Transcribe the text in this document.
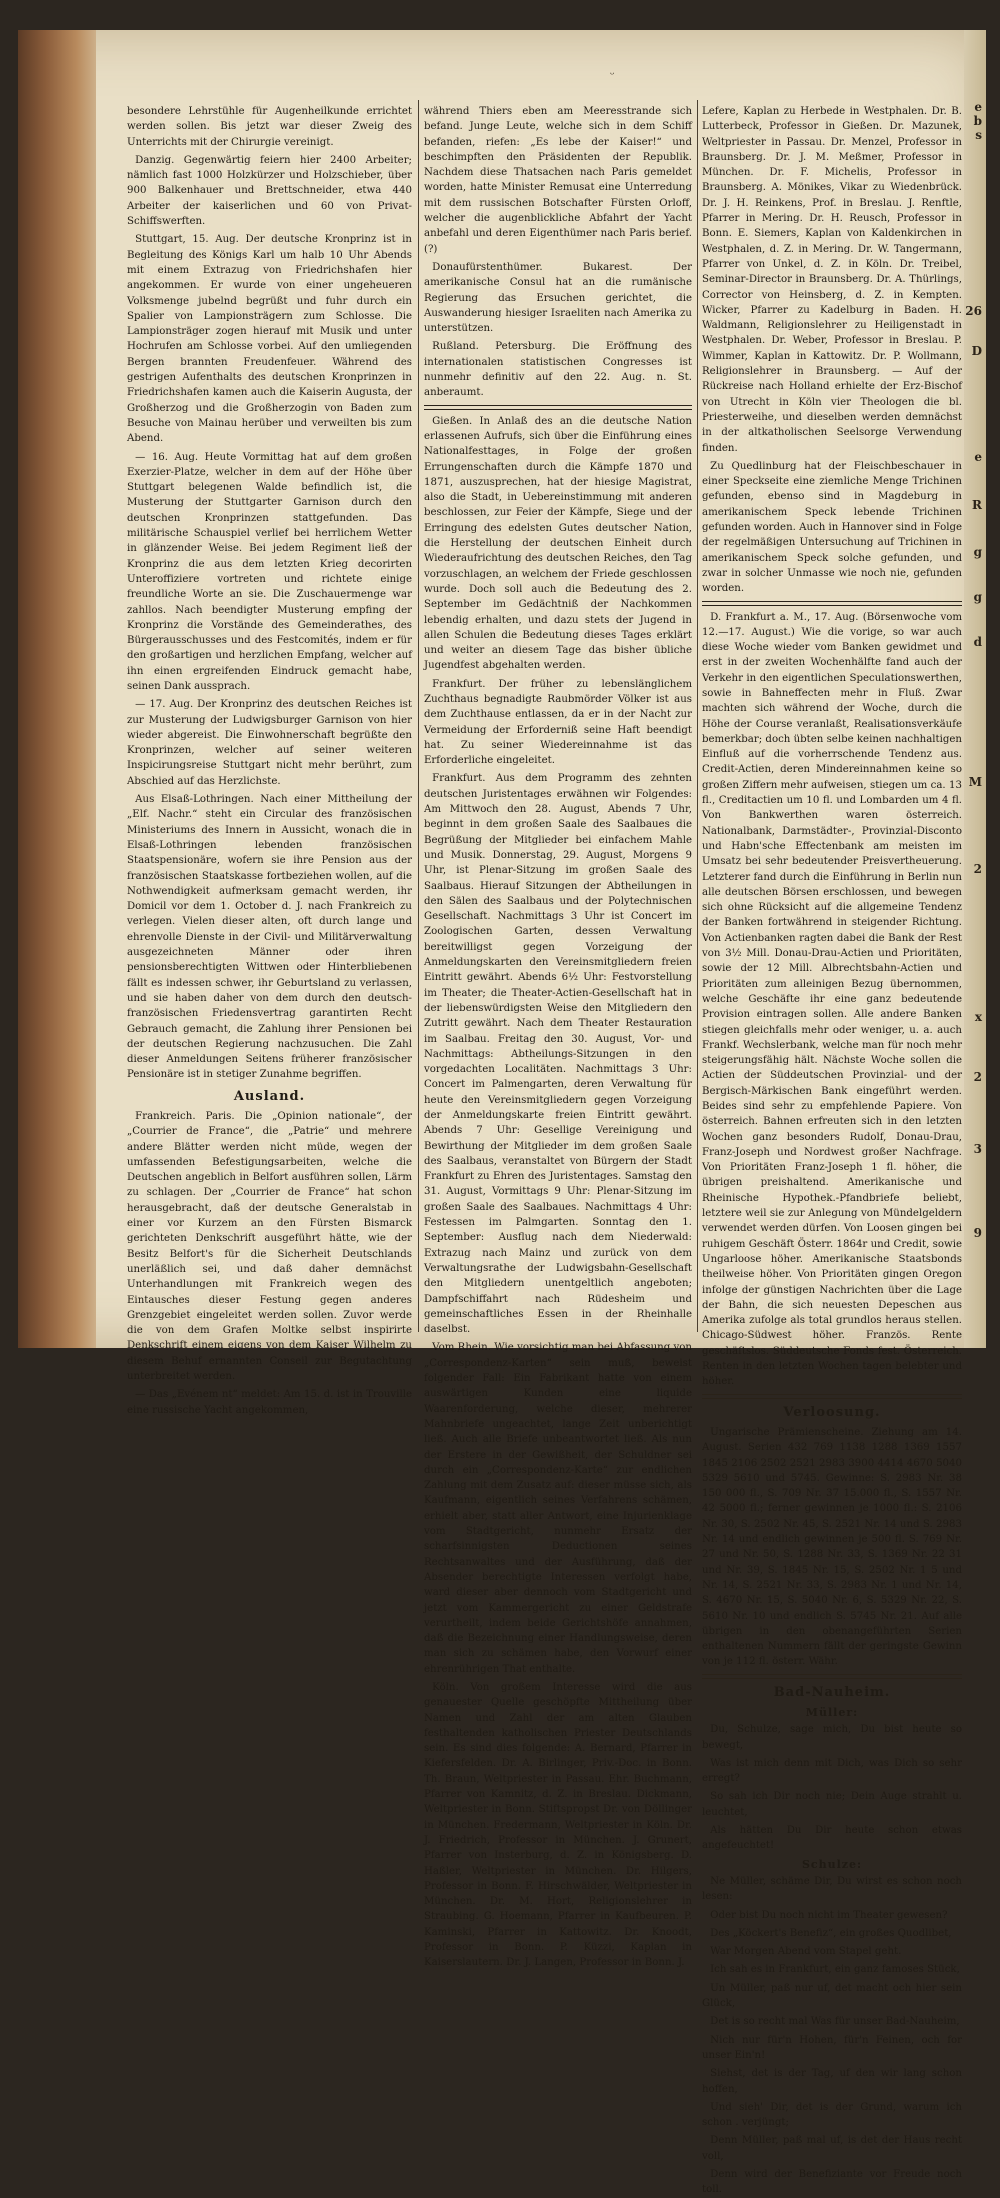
e
b
s
26
D
e
R
g
g
d
M
2
x
2
3
9
ᵕ

besondere Lehrstühle für Augenheilkunde errichtet werden sollen. Bis jetzt war dieser Zweig des Unterrichts mit der Chirurgie vereinigt.

Danzig. Gegenwärtig feiern hier 2400 Arbeiter; nämlich fast 1000 Holzkürzer und Holzschieber, über 900 Balkenhauer und Brettschneider, etwa 440 Arbeiter der kaiserlichen und 60 von Privat-Schiffswerften.

Stuttgart, 15. Aug. Der deutsche Kronprinz ist in Begleitung des Königs Karl um halb 10 Uhr Abends mit einem Extrazug von Friedrichshafen hier angekommen. Er wurde von einer ungeheueren Volksmenge jubelnd begrüßt und fuhr durch ein Spalier von Lampionsträgern zum Schlosse. Die Lampionsträger zogen hierauf mit Musik und unter Hochrufen am Schlosse vorbei. Auf den umliegenden Bergen brannten Freudenfeuer. Während des gestrigen Aufenthalts des deutschen Kronprinzen in Friedrichshafen kamen auch die Kaiserin Augusta, der Großherzog und die Großherzogin von Baden zum Besuche von Mainau herüber und verweilten bis zum Abend.

— 16. Aug. Heute Vormittag hat auf dem großen Exerzier-Platze, welcher in dem auf der Höhe über Stuttgart belegenen Walde befindlich ist, die Musterung der Stuttgarter Garnison durch den deutschen Kronprinzen stattgefunden. Das militärische Schauspiel verlief bei herrlichem Wetter in glänzender Weise. Bei jedem Regiment ließ der Kronprinz die aus dem letzten Krieg decorirten Unteroffiziere vortreten und richtete einige freundliche Worte an sie. Die Zuschauermenge war zahllos. Nach beendigter Musterung empfing der Kronprinz die Vorstände des Gemeinderathes, des Bürgerausschusses und des Festcomités, indem er für den großartigen und herzlichen Empfang, welcher auf ihn einen ergreifenden Eindruck gemacht habe, seinen Dank aussprach.

— 17. Aug. Der Kronprinz des deutschen Reiches ist zur Musterung der Ludwigsburger Garnison von hier wieder abgereist. Die Einwohnerschaft begrüßte den Kronprinzen, welcher auf seiner weiteren Inspicirungsreise Stuttgart nicht mehr berührt, zum Abschied auf das Herzlichste.

Aus Elsaß-Lothringen. Nach einer Mittheilung der „Elf. Nachr.“ steht ein Circular des französischen Ministeriums des Innern in Aussicht, wonach die in Elsaß-Lothringen lebenden französischen Staatspensionäre, wofern sie ihre Pension aus der französischen Staatskasse fortbeziehen wollen, auf die Nothwendigkeit aufmerksam gemacht werden, ihr Domicil vor dem 1. October d. J. nach Frankreich zu verlegen. Vielen dieser alten, oft durch lange und ehrenvolle Dienste in der Civil- und Militärverwaltung ausgezeichneten Männer oder ihren pensionsberechtigten Wittwen oder Hinterbliebenen fällt es indessen schwer, ihr Geburtsland zu verlassen, und sie haben daher von dem durch den deutsch-französischen Friedensvertrag garantirten Recht Gebrauch gemacht, die Zahlung ihrer Pensionen bei der deutschen Regierung nachzusuchen. Die Zahl dieser Anmeldungen Seitens früherer französischer Pensionäre ist in stetiger Zunahme begriffen.

Ausland.

Frankreich. Paris. Die „Opinion nationale“, der „Courrier de France“, die „Patrie“ und mehrere andere Blätter werden nicht müde, wegen der umfassenden Befestigungsarbeiten, welche die Deutschen angeblich in Belfort ausführen sollen, Lärm zu schlagen. Der „Courrier de France“ hat schon herausgebracht, daß der deutsche Generalstab in einer vor Kurzem an den Fürsten Bismarck gerichteten Denkschrift ausgeführt hätte, wie der Besitz Belfort's für die Sicherheit Deutschlands unerläßlich sei, und daß daher demnächst Unterhandlungen mit Frankreich wegen des Eintausches dieser Festung gegen anderes Grenzgebiet eingeleitet werden sollen. Zuvor werde die von dem Grafen Moltke selbst inspirirte Denkschrift einem eigens von dem Kaiser Wilhelm zu diesem Behuf ernannten Conseil zur Begutachtung unterbreitet werden.

— Das „Evénem nt“ meldet: Am 15. d. ist in Trouville eine russische Yacht angekommen,

während Thiers eben am Meeresstrande sich befand. Junge Leute, welche sich in dem Schiff befanden, riefen: „Es lebe der Kaiser!“ und beschimpften den Präsidenten der Republik. Nachdem diese Thatsachen nach Paris gemeldet worden, hatte Minister Remusat eine Unterredung mit dem russischen Botschafter Fürsten Orloff, welcher die augenblickliche Abfahrt der Yacht anbefahl und deren Eigenthümer nach Paris berief. (?)

Donaufürstenthümer. Bukarest. Der amerikanische Consul hat an die rumänische Regierung das Ersuchen gerichtet, die Auswanderung hiesiger Israeliten nach Amerika zu unterstützen.

Rußland. Petersburg. Die Eröffnung des internationalen statistischen Congresses ist nunmehr definitiv auf den 22. Aug. n. St. anberaumt.

Gießen. In Anlaß des an die deutsche Nation erlassenen Aufrufs, sich über die Einführung eines Nationalfesttages, in Folge der großen Errungenschaften durch die Kämpfe 1870 und 1871, auszusprechen, hat der hiesige Magistrat, also die Stadt, in Uebereinstimmung mit anderen beschlossen, zur Feier der Kämpfe, Siege und der Erringung des edelsten Gutes deutscher Nation, die Herstellung der deutschen Einheit durch Wiederaufrichtung des deutschen Reiches, den Tag vorzuschlagen, an welchem der Friede geschlossen wurde. Doch soll auch die Bedeutung des 2. September im Gedächtniß der Nachkommen lebendig erhalten, und dazu stets der Jugend in allen Schulen die Bedeutung dieses Tages erklärt und weiter an diesem Tage das bisher übliche Jugendfest abgehalten werden.

Frankfurt. Der früher zu lebenslänglichem Zuchthaus begnadigte Raubmörder Völker ist aus dem Zuchthause entlassen, da er in der Nacht zur Vermeidung der Erforderniß seine Haft beendigt hat. Zu seiner Wiedereinnahme ist das Erforderliche eingeleitet.

Frankfurt. Aus dem Programm des zehnten deutschen Juristentages erwähnen wir Folgendes: Am Mittwoch den 28. August, Abends 7 Uhr, beginnt in dem großen Saale des Saalbaues die Begrüßung der Mitglieder bei einfachem Mahle und Musik. Donnerstag, 29. August, Morgens 9 Uhr, ist Plenar-Sitzung im großen Saale des Saalbaus. Hierauf Sitzungen der Abtheilungen in den Sälen des Saalbaus und der Polytechnischen Gesellschaft. Nachmittags 3 Uhr ist Concert im Zoologischen Garten, dessen Verwaltung bereitwilligst gegen Vorzeigung der Anmeldungskarten den Vereinsmitgliedern freien Eintritt gewährt. Abends 6½ Uhr: Festvorstellung im Theater; die Theater-Actien-Gesellschaft hat in der liebenswürdigsten Weise den Mitgliedern den Zutritt gewährt. Nach dem Theater Restauration im Saalbau. Freitag den 30. August, Vor- und Nachmittags: Abtheilungs-Sitzungen in den vorgedachten Localitäten. Nachmittags 3 Uhr: Concert im Palmengarten, deren Verwaltung für heute den Vereinsmitgliedern gegen Vorzeigung der Anmeldungskarte freien Eintritt gewährt. Abends 7 Uhr: Gesellige Vereinigung und Bewirthung der Mitglieder im dem großen Saale des Saalbaus, veranstaltet von Bürgern der Stadt Frankfurt zu Ehren des Juristentages. Samstag den 31. August, Vormittags 9 Uhr: Plenar-Sitzung im großen Saale des Saalbaues. Nachmittags 4 Uhr: Festessen im Palmgarten. Sonntag den 1. September: Ausflug nach dem Niederwald: Extrazug nach Mainz und zurück von dem Verwaltungsrathe der Ludwigsbahn-Gesellschaft den Mitgliedern unentgeltlich angeboten; Dampfschiffahrt nach Rüdesheim und gemeinschaftliches Essen in der Rheinhalle daselbst.

Vom Rhein. Wie vorsichtig man bei Abfassung von „Correspondenz-Karten“ sein muß, beweist folgender Fall: Ein Fabrikant hatte von einem auswärtigen Kunden eine liquide Waarenforderung, welche dieser, mehrerer Mahnbriefe ungeachtet, lange Zeit unberichtigt ließ. Auch alle Briefe unbeantwortet ließ. Als nun der Erstere in der Gewißheit, der Schuldner sei durch ein „Correspondenz-Karte“ zur endlichen Zahlung mit dem Zusatz auf: dieser müsse sich, als Kaufmann, eigentlich seines Verfahrens schämen, erhielt aber, statt aller Antwort, eine Injurienklage vom Stadtgericht, nunmehr Ersatz der scharfsinnigsten Deductionen seines Rechtsanwaltes und der Ausführung, daß der Absender berechtigte Interessen verfolgt habe, ward dieser aber dennoch vom Stadtgericht und jetzt vom Kammergericht zu einer Geldstrafe verurtheilt, indem beide Gerichtshöfe annahmen, daß die Bezeichnung einer Handlungsweise, deren man sich zu schämen habe, den Vorwurf einer ehrenrührigen That enthalte.

Köln. Von großem Interesse wird die aus genauester Quelle geschöpfte Mittheilung über Namen und Zahl der am alten Glauben festhaltenden katholischen Priester Deutschlands sein. Es sind dies folgende: A. Bernard, Pfarrer in Kiefersfelden. Dr. A. Birlinger, Priv.-Doc. in Bonn. Th. Braun, Weltpriester in Passau. Ehr. Buchmann, Pfarrer von Kamnitz, d. Z. in Breslau. Dickmann, Weltpriester in Bonn. Stiftspropst Dr. von Döllinger in München. Fredermann, Weltpriester in Köln. Dr. J. Friedrich, Professor in München. J. Grunert, Pfarrer von Insterburg, d. Z. in Königsberg. D. Haßler, Weltpriester in München. Dr. Hilgers, Professor in Bonn. F. Hirschwälder, Weltpriester in München. Dr. M. Hort, Religionslehrer in Straubing. G. Hoemann, Pfarrer in Kaufbeuren. P. Kaminski, Pfarrer in Kattowitz. Dr. Knoodt, Professor in Bonn. P. Küzzi, Kaplan in Kaiserslautern. Dr. J. Langen, Professor in Bonn. J.

Lefere, Kaplan zu Herbede in Westphalen. Dr. B. Lutterbeck, Professor in Gießen. Dr. Mazunek, Weltpriester in Passau. Dr. Menzel, Professor in Braunsberg. Dr. J. M. Meßmer, Professor in München. Dr. F. Michelis, Professor in Braunsberg. A. Mönikes, Vikar zu Wiedenbrück. Dr. J. H. Reinkens, Prof. in Breslau. J. Renftle, Pfarrer in Mering. Dr. H. Reusch, Professor in Bonn. E. Siemers, Kaplan von Kaldenkirchen in Westphalen, d. Z. in Mering. Dr. W. Tangermann, Pfarrer von Unkel, d. Z. in Köln. Dr. Treibel, Seminar-Director in Braunsberg. Dr. A. Thürlings, Corrector von Heinsberg, d. Z. in Kempten. Wicker, Pfarrer zu Kadelburg in Baden. H. Waldmann, Religionslehrer zu Heiligenstadt in Westphalen. Dr. Weber, Professor in Breslau. P. Wimmer, Kaplan in Kattowitz. Dr. P. Wollmann, Religionslehrer in Braunsberg. — Auf der Rückreise nach Holland erhielte der Erz-Bischof von Utrecht in Köln vier Theologen die bl. Priesterweihe, und dieselben werden demnächst in der altkatholischen Seelsorge Verwendung finden.

Zu Quedlinburg hat der Fleischbeschauer in einer Speckseite eine ziemliche Menge Trichinen gefunden, ebenso sind in Magdeburg in amerikanischem Speck lebende Trichinen gefunden worden. Auch in Hannover sind in Folge der regelmäßigen Untersuchung auf Trichinen in amerikanischem Speck solche gefunden, und zwar in solcher Unmasse wie noch nie, gefunden worden.

D. Frankfurt a. M., 17. Aug. (Börsenwoche vom 12.—17. August.) Wie die vorige, so war auch diese Woche wieder vom Banken gewidmet und erst in der zweiten Wochenhälfte fand auch der Verkehr in den eigentlichen Speculationswerthen, sowie in Bahneffecten mehr in Fluß. Zwar machten sich während der Woche, durch die Höhe der Course veranlaßt, Realisationsverkäufe bemerkbar; doch übten selbe keinen nachhaltigen Einfluß auf die vorherrschende Tendenz aus. Credit-Actien, deren Mindereinnahmen keine so großen Ziffern mehr aufweisen, stiegen um ca. 13 fl., Creditactien um 10 fl. und Lombarden um 4 fl. Von Bankwerthen waren österreich. Nationalbank, Darmstädter-, Provinzial-Disconto und Habn'sche Effectenbank am meisten im Umsatz bei sehr bedeutender Preisvertheuerung. Letzterer fand durch die Einführung in Berlin nun alle deutschen Börsen erschlossen, und bewegen sich ohne Rücksicht auf die allgemeine Tendenz der Banken fortwährend in steigender Richtung. Von Actienbanken ragten dabei die Bank der Rest von 3½ Mill. Donau-Drau-Actien und Prioritäten, sowie der 12 Mill. Albrechtsbahn-Actien und Prioritäten zum alleinigen Bezug übernommen, welche Geschäfte ihr eine ganz bedeutende Provision eintragen sollen. Alle andere Banken stiegen gleichfalls mehr oder weniger, u. a. auch Frankf. Wechslerbank, welche man für noch mehr steigerungsfähig hält. Nächste Woche sollen die Actien der Süddeutschen Provinzial- und der Bergisch-Märkischen Bank eingeführt werden. Beides sind sehr zu empfehlende Papiere. Von österreich. Bahnen erfreuten sich in den letzten Wochen ganz besonders Rudolf, Donau-Drau, Franz-Joseph und Nordwest großer Nachfrage. Von Prioritäten Franz-Joseph 1 fl. höher, die übrigen preishaltend. Amerikanische und Rheinische Hypothek.-Pfandbriefe beliebt, letztere weil sie zur Anlegung von Mündelgeldern verwendet werden dürfen. Von Loosen gingen bei ruhigem Geschäft Österr. 1864r und Credit, sowie Ungarloose höher. Amerikanische Staatsbonds theilweise höher. Von Prioritäten gingen Oregon infolge der günstigen Nachrichten über die Lage der Bahn, die sich neuesten Depeschen aus Amerika zufolge als total grundlos heraus stellen. Chicago-Südwest höher. Französ. Rente geschäftslos. Süddeutsche Fonds fest. Österreich. Renten in den letzten Wochen tagen belebter und höher.

Verloosung.

Ungarische Prämienscheine. Ziehung am 14. August. Serien 432 769 1138 1288 1369 1557 1845 2106 2502 2521 2983 3900 4414 4670 5040 5329 5610 und 5745. Gewinne: S. 2983 Nr. 38 150 000 fl., S. 709 Nr. 37 15.000 fl., S. 1557 Nr. 42 5000 fl.; ferner gewinnen je 1000 fl.: S. 2106 Nr. 30, S. 2502 Nr. 45, S. 2521 Nr. 14 und S. 2983 Nr. 14 und endlich gewinnen je 500 fl. S. 769 Nr. 27 und Nr. 50, S. 1288 Nr. 33, S. 1369 Nr. 22 31 und Nr. 39, S. 1845 Nr. 15, S. 2502 Nr. 1 5 und Nr. 14, S. 2521 Nr. 33, S. 2983 Nr. 1 und Nr. 14, S. 4670 Nr. 15, S. 5040 Nr. 6, S. 5329 Nr. 22, S. 5610 Nr. 10 und endlich S. 5745 Nr. 21. Auf alle übrigen in den obenangeführten Serien enthaltenen Nummern fällt der geringste Gewinn von je 112 fl. österr. Währ.

Bad-Nauheim.
Müller:

Du, Schulze, sage mich, Du bist heute so bewegt,

Was ist mich denn mit Dich, was Dich so sehr erregt?

So sah ich Dir noch nie; Dein Auge strahlt u. leuchtet,

Als hätten Du Dir heute schon etwas angefeuchtet!

Schulze:

Ne Müller, schäme Dir, Du wirst es schon noch lesen:

Oder bist Du noch nicht im Theater gewesen?

Des „Köckert's Benefiz“, ein großes Quodlibet,

War Morgen Abend vom Stapel geht.

Ich sah es in Frankfurt, ein ganz famoses Stück,

Un Müller, paß nur uf, det macht och hier sein Glück,

Det is so recht mal Was für unser Bad-Nauheim,

Nich nur für'n Hohen, für'n Feinen, och for unser Ein'n!

Siehst, det is der Tag, uf den wir lang schon hoffen,

Und sieh' Dir, det is der Grund, warum ich schon . verjüngt;

Denn Müller, paß mal uf, is det der Haus recht voll,

Denn wird der Benefiziante vor Freude noch toll.
